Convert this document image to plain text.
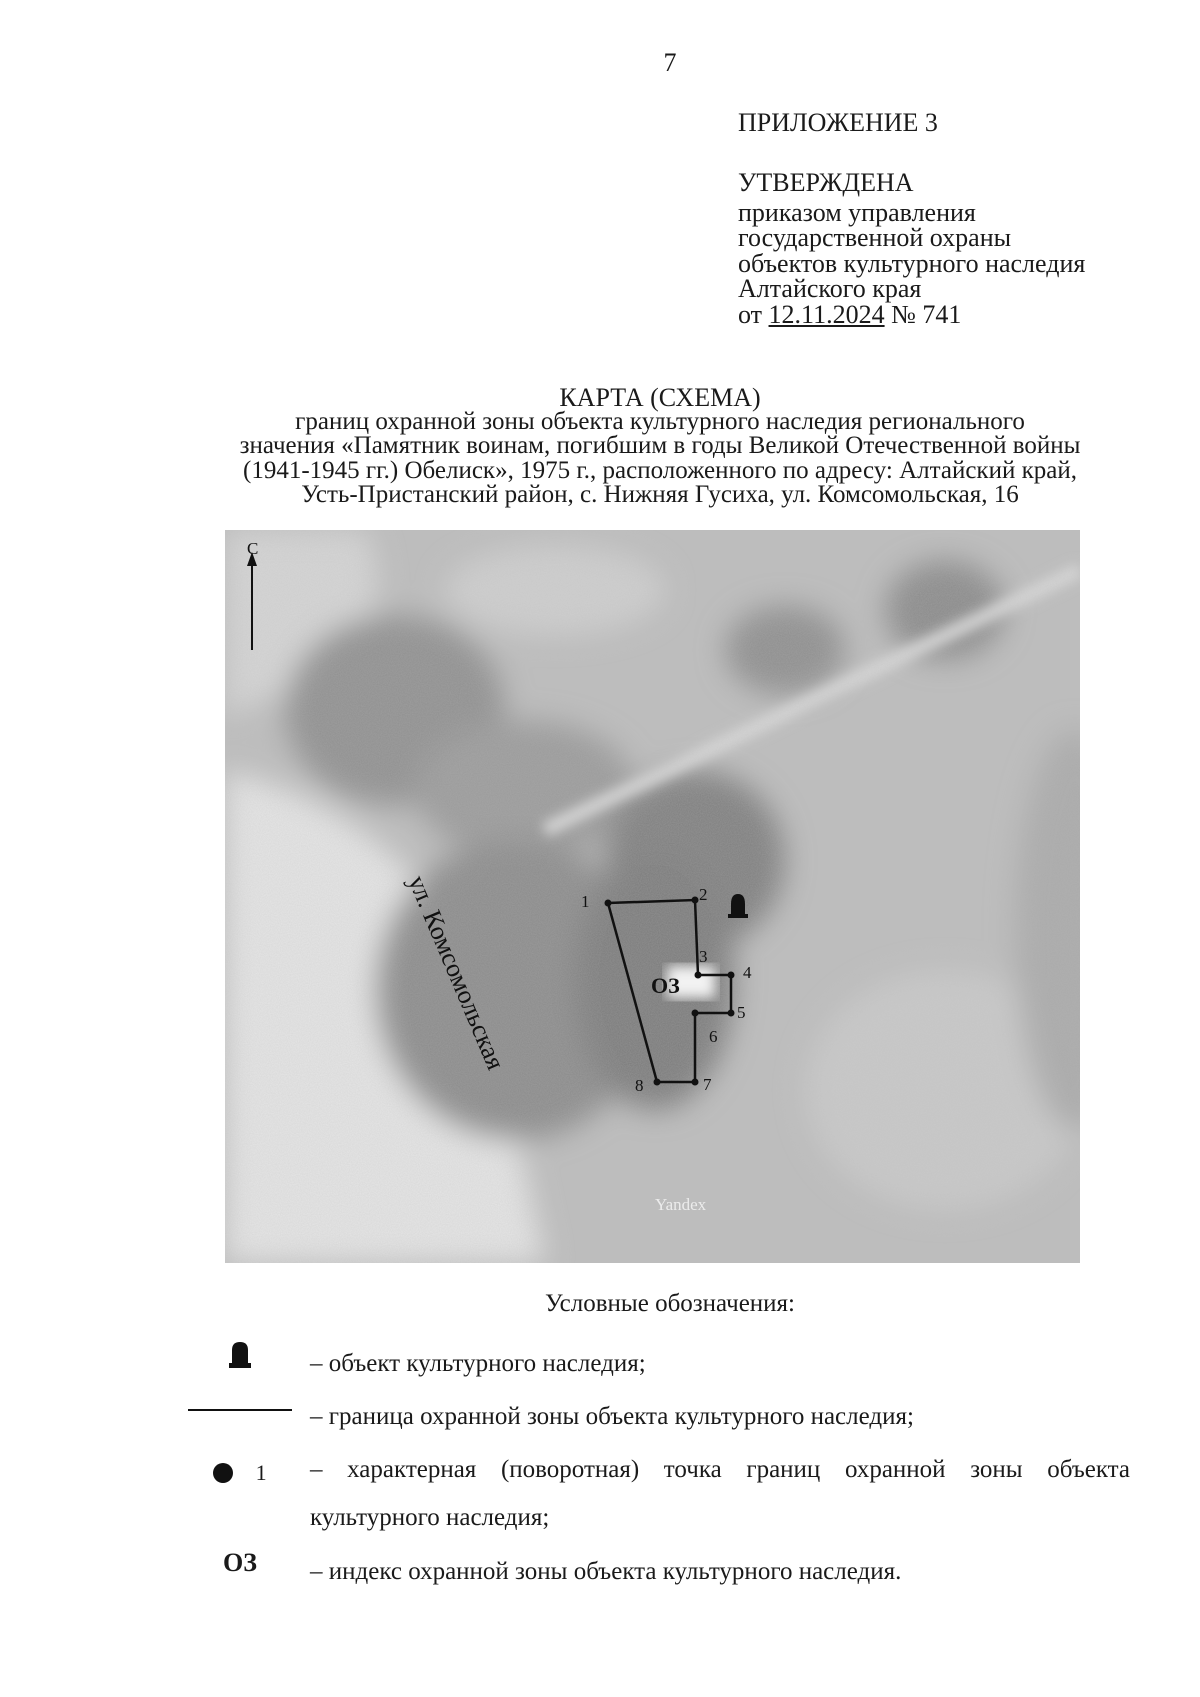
7
ПРИЛОЖЕНИЕ 3
УТВЕРЖДЕНА
приказом управления
государственной охраны
объектов культурного наследия
Алтайского края
от 12.11.2024 № 741
КАРТА (СХЕМА)
границ охранной зоны объекта культурного наследия регионального
значения «Памятник воинам, погибшим в годы Великой Отечественной войны
(1941-1945 гг.) Обелиск», 1975 г., расположенного по адресу: Алтайский край,
Усть-Пристанский район, с. Нижняя Гусиха, ул. Комсомольская, 16
С
ул. Комсомольская	1	2
3
4
5
6
7
8
ОЗ
Yandex
Условные обозначения:
– объект культурного наследия;
– граница охранной зоны объекта культурного наследия;
1	– характерная (поворотная) точка границ охранной зоны объекта культурного наследия;
ОЗ	– индекс охранной зоны объекта культурного наследия.
